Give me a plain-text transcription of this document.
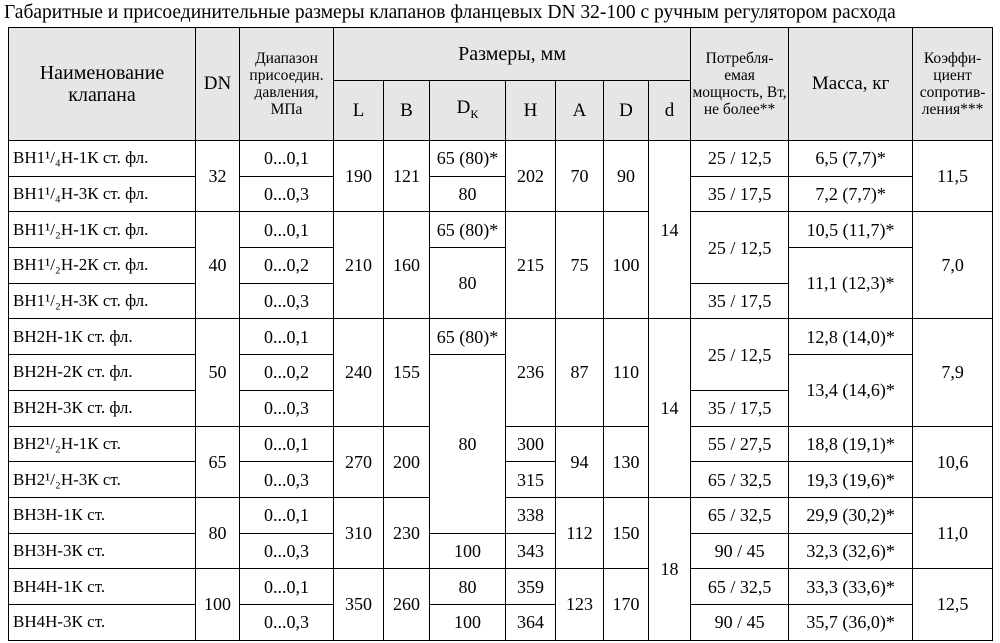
Габаритные и присоединительные размеры клапанов фланцевых DN 32-100 с ручным регулятором расхода
Наименование клапана	DN	Диапазон присоедин. давления, МПа	Размеры, мм							Потребля-емая мощность, Вт, не более**	Масса, кг	Коэффи-циент сопротив-ления***
			L	B	$D_К$	H	A	D	d			
ВН1¹/₄Н-1К ст. фл.	32	0...0,1	190	121	65 (80)*	202	70	90	14	25 / 12,5	6,5 (7,7)*	11,5
ВН1¹/₄Н-3К ст. фл.		0...0,3			80					35 / 17,5	7,2 (7,7)*	
ВН1¹/₂Н-1К ст. фл.	40	0...0,1	210	160	65 (80)*	215	75	100		25 / 12,5	10,5 (11,7)*	7,0
ВН1¹/₂Н-2К ст. фл.		0...0,2			80						11,1 (12,3)*	
ВН1¹/₂Н-3К ст. фл.		0...0,3								35 / 17,5		
ВН2Н-1К ст. фл.	50	0...0,1	240	155	65 (80)*	236	87	110	14	25 / 12,5	12,8 (14,0)*	7,9
ВН2Н-2К ст. фл.		0...0,2			80						13,4 (14,6)*	
ВН2Н-3К ст. фл.		0...0,3								35 / 17,5		
ВН2¹/₂Н-1К ст.	65	0...0,1	270	200		300	94	130		55 / 27,5	18,8 (19,1)*	10,6
ВН2¹/₂Н-3К ст.		0...0,3				315				65 / 32,5	19,3 (19,6)*	
ВН3Н-1К ст.	80	0...0,1	310	230		338	112	150	18	65 / 32,5	29,9 (30,2)*	11,0
ВН3Н-3К ст.		0...0,3			100	343				90 / 45	32,3 (32,6)*	
ВН4Н-1К ст.	100	0...0,1	350	260	80	359	123	170		65 / 32,5	33,3 (33,6)*	12,5
ВН4Н-3К ст.		0...0,3			100	364				90 / 45	35,7 (36,0)*	
